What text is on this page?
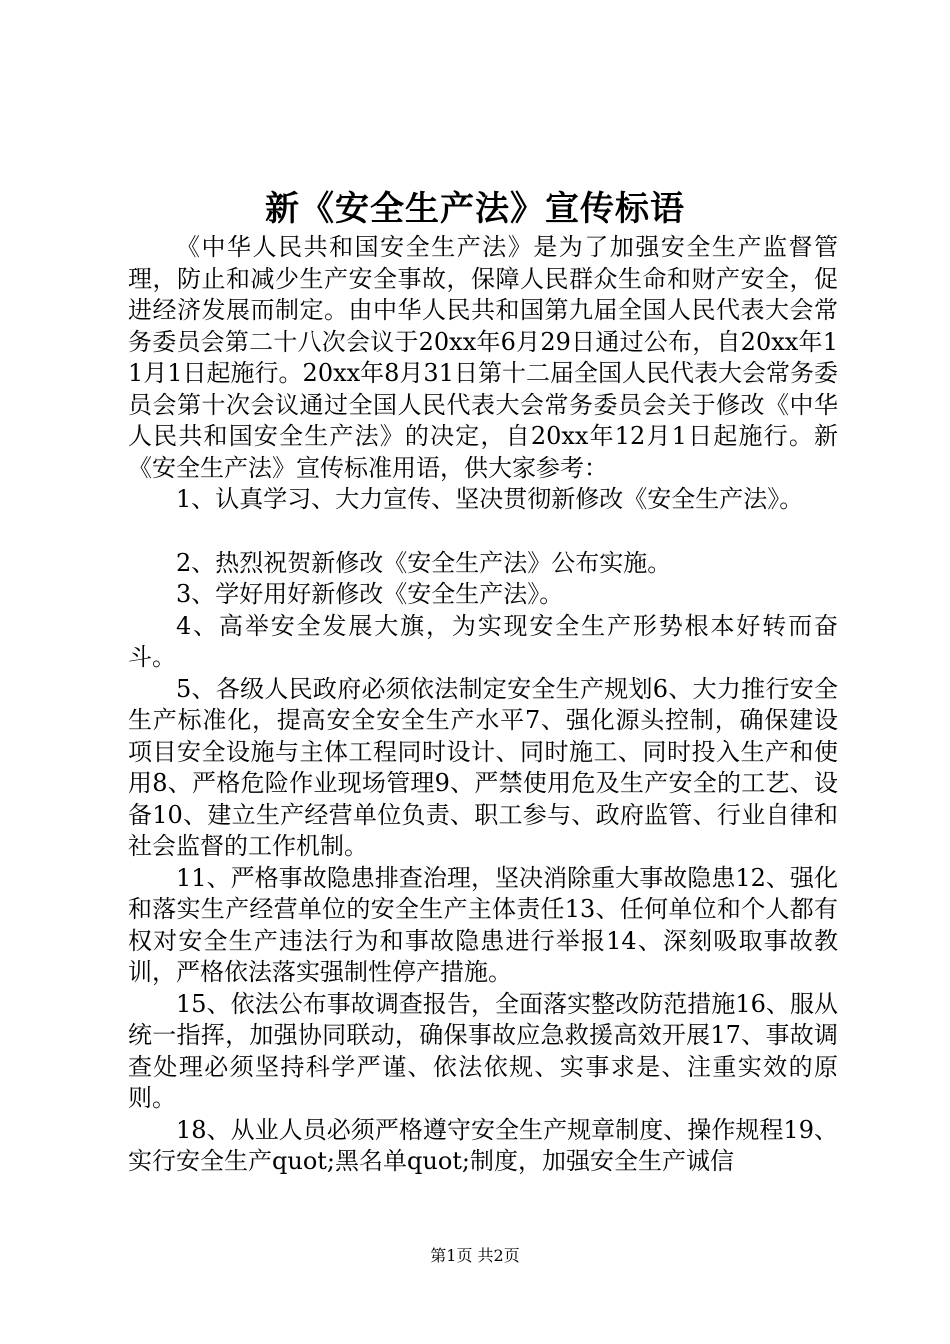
新《安全生产法》宣传标语

《中华人民共和国安全生产法》是为了加强安全生产监督管理，防止和减少生产安全事故，保障人民群众生命和财产安全，促进经济发展而制定。由中华人民共和国第九届全国人民代表大会常务委员会第二十八次会议于20xx年6月29日通过公布，自20xx年11月1日起施行。20xx年8月31日第十二届全国人民代表大会常务委员会第十次会议通过全国人民代表大会常务委员会关于修改《中华人民共和国安全生产法》的决定，自20xx年12月1日起施行。新《安全生产法》宣传标准用语，供大家参考：

1、认真学习、大力宣传、坚决贯彻新修改《安全生产法》。

2、热烈祝贺新修改《安全生产法》公布实施。

3、学好用好新修改《安全生产法》。

4、高举安全发展大旗，为实现安全生产形势根本好转而奋斗。

5、各级人民政府必须依法制定安全生产规划6、大力推行安全生产标准化，提高安全安全生产水平7、强化源头控制，确保建设项目安全设施与主体工程同时设计、同时施工、同时投入生产和使用8、严格危险作业现场管理9、严禁使用危及生产安全的工艺、设备10、建立生产经营单位负责、职工参与、政府监管、行业自律和社会监督的工作机制。

11、严格事故隐患排查治理，坚决消除重大事故隐患12、强化和落实生产经营单位的安全生产主体责任13、任何单位和个人都有权对安全生产违法行为和事故隐患进行举报14、深刻吸取事故教训，严格依法落实强制性停产措施。

15、依法公布事故调查报告，全面落实整改防范措施16、服从统一指挥，加强协同联动，确保事故应急救援高效开展17、事故调查处理必须坚持科学严谨、依法依规、实事求是、注重实效的原则。

18、从业人员必须严格遵守安全生产规章制度、操作规程19、实行安全生产quot;黑名单quot;制度，加强安全生产诚信

第1页 共2页
